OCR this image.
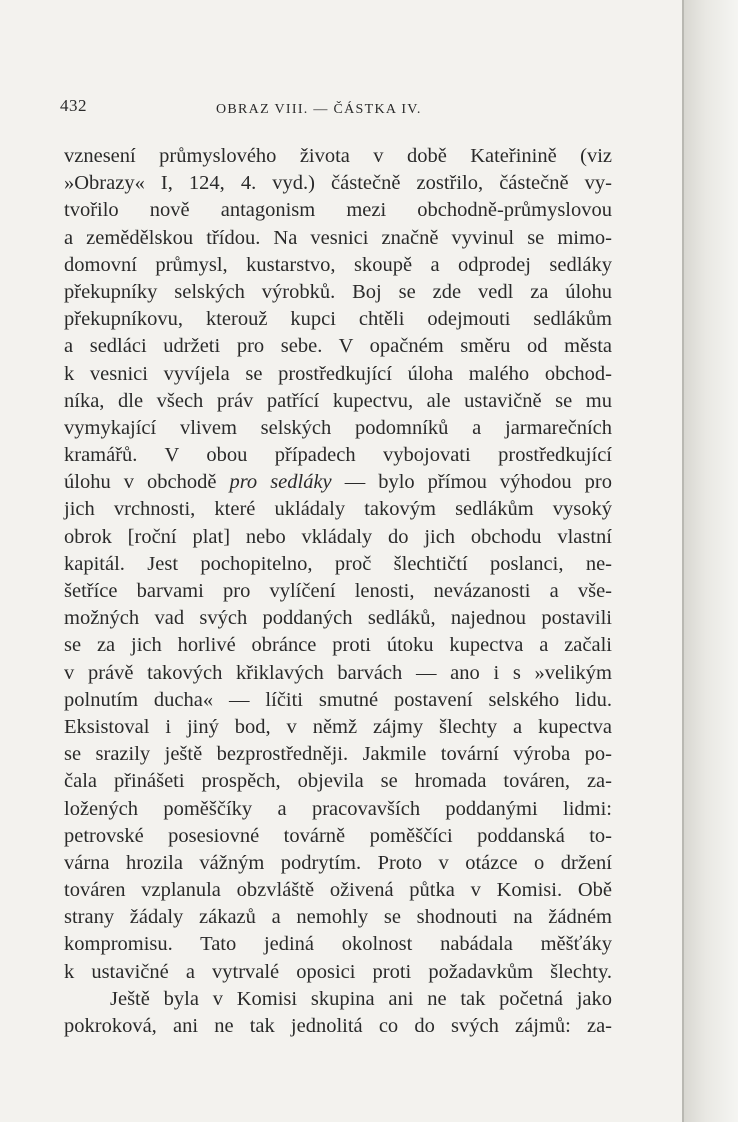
432	OBRAZ VIII. — ČÁSTKA IV.
vznesení průmyslového života v době Kateřinině (viz
»Obrazy« I, 124, 4. vyd.) částečně zostřilo, částečně vy-
tvořilo nově antagonism mezi obchodně-průmyslovou
a zemědělskou třídou. Na vesnici značně vyvinul se mimo-
domovní průmysl, kustarstvo, skoupě a odprodej sedláky
překupníky selských výrobků. Boj se zde vedl za úlohu
překupníkovu, kterouž kupci chtěli odejmouti sedlákům
a sedláci udržeti pro sebe. V opačném směru od města
k vesnici vyvíjela se prostředkující úloha malého obchod-
níka, dle všech práv patřící kupectvu, ale ustavičně se mu
vymykající vlivem selských podomníků a jarmarečních
kramářů. V obou případech vybojovati prostředkující
úlohu v obchodě pro sedláky — bylo přímou výhodou pro
jich vrchnosti, které ukládaly takovým sedlákům vysoký
obrok [roční plat] nebo vkládaly do jich obchodu vlastní
kapitál. Jest pochopitelno, proč šlechtičtí poslanci, ne-
šetříce barvami pro vylíčení lenosti, nevázanosti a vše-
možných vad svých poddaných sedláků, najednou postavili
se za jich horlivé obránce proti útoku kupectva a začali
v právě takových křiklavých barvách — ano i s »velikým
polnutím ducha« — líčiti smutné postavení selského lidu.
Eksistoval i jiný bod, v němž zájmy šlechty a kupectva
se srazily ještě bezprostředněji. Jakmile tovární výroba po-
čala přinášeti prospěch, objevila se hromada továren, za-
ložených poměščíky a pracovavších poddanými lidmi:
petrovské posesiovné továrně poměščíci poddanská to-
várna hrozila vážným podrytím. Proto v otázce o držení
továren vzplanula obzvláště oživená půtka v Komisi. Obě
strany žádaly zákazů a nemohly se shodnouti na žádném
kompromisu. Tato jediná okolnost nabádala měšťáky
k ustavičné a vytrvalé oposici proti požadavkům šlechty.
Ještě byla v Komisi skupina ani ne tak početná jako
pokroková, ani ne tak jednolitá co do svých zájmů: za-
